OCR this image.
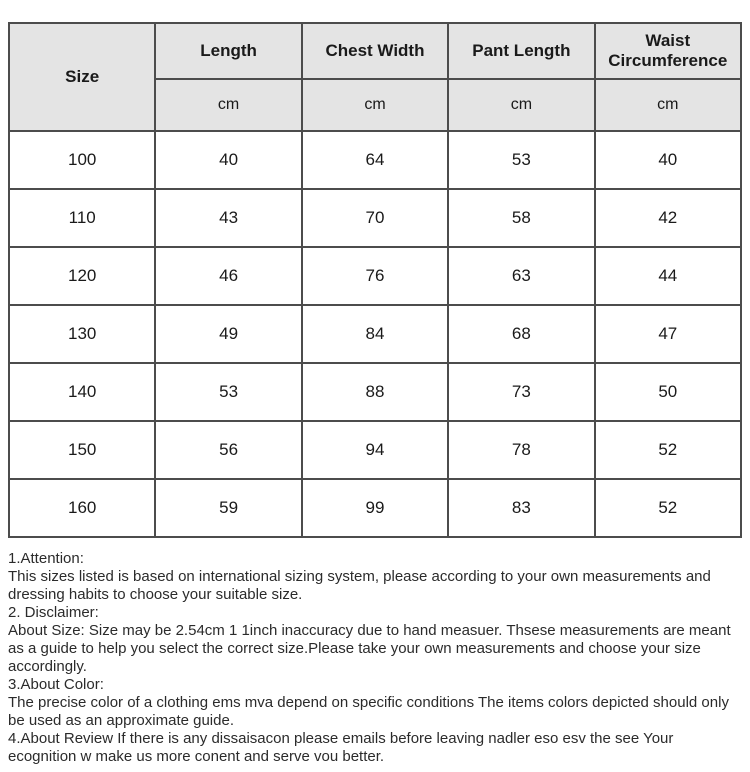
Size	Length	Chest Width	Pant Length	Waist Circumference
	cm	cm	cm	cm
100	40	64	53	40
110	43	70	58	42
120	46	76	63	44
130	49	84	68	47
140	53	88	73	50
150	56	94	78	52
160	59	99	83	52
1.Attention:
This sizes listed is based on international sizing system, please according to your own measurements and dressing habits to choose your suitable size.
2. Disclaimer:
About Size: Size may be 2.54cm 1 1inch inaccuracy due to hand measuer. Thsese measurements are meant as a guide to help you select the correct size.Please take your own measurements and choose your size accordingly.
3.About Color:
The precise color of a clothing ems mva depend on specific conditions The items colors depicted should only be used as an approximate guide.
4.About Review If there is any dissaisacon please emails before leaving nadler eso esv the see Your ecognition w make us more conent and serve vou better.
